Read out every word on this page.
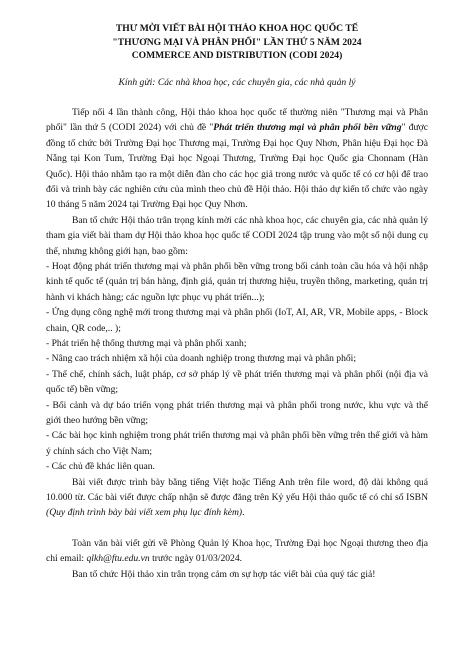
THƯ MỜI VIẾT BÀI HỘI THẢO KHOA HỌC QUỐC TẾ
"THƯƠNG MẠI VÀ PHÂN PHỐI" LẦN THỨ 5 NĂM 2024
COMMERCE AND DISTRIBUTION (CODI 2024)
Kính gửi: Các nhà khoa học, các chuyên gia, các nhà quản lý

Tiếp nối 4 lần thành công, Hội thảo khoa học quốc tế thường niên "Thương mại và Phân phối" lần thứ 5 (CODI 2024) với chủ đề "Phát triển thương mại và phân phối bền vững" được đồng tổ chức bởi Trường Đại học Thương mại, Trường Đại học Quy Nhơn, Phân hiệu Đại học Đà Nẵng tại Kon Tum, Trường Đại học Ngoại Thương, Trường Đại học Quốc gia Chonnam (Hàn Quốc). Hội thảo nhằm tạo ra một diễn đàn cho các học giả trong nước và quốc tế có cơ hội để trao đổi và trình bày các nghiên cứu của mình theo chủ đề Hội thảo. Hội thảo dự kiến tổ chức vào ngày 10 tháng 5 năm 2024 tại Trường Đại học Quy Nhơn.

Ban tổ chức Hội thảo trân trọng kính mời các nhà khoa học, các chuyên gia, các nhà quản lý tham gia viết bài tham dự Hội thảo khoa học quốc tế CODI 2024 tập trung vào một số nội dung cụ thể, nhưng không giới hạn, bao gồm:

- Hoạt động phát triển thương mại và phân phối bền vững trong bối cảnh toàn cầu hóa và hội nhập kinh tế quốc tế (quản trị bán hàng, định giá, quản trị thương hiệu, truyền thông, marketing, quản trị hành vi khách hàng; các nguồn lực phục vụ phát triển...);

- Ứng dụng công nghệ mới trong thương mại và phân phối (IoT, AI, AR, VR, Mobile apps, - Block chain, QR code,.. );

- Phát triển hệ thống thương mại và phân phối xanh;

- Nâng cao trách nhiệm xã hội của doanh nghiệp trong thương mại và phân phối;

- Thể chế, chính sách, luật pháp, cơ sở pháp lý về phát triển thương mại và phân phối (nội địa và quốc tế) bền vững;

- Bối cảnh và dự báo triển vọng phát triển thương mại và phân phối trong nước, khu vực và thế giới theo hướng bền vững;

- Các bài học kinh nghiệm trong phát triển thương mại và phân phối bền vững trên thế giới và hàm ý chính sách cho Việt Nam;

- Các chủ đề khác liên quan.

Bài viết được trình bày bằng tiếng Việt hoặc Tiếng Anh trên file word, độ dài không quá 10.000 từ. Các bài viết được chấp nhận sẽ được đăng trên Kỷ yếu Hội thảo quốc tế có chỉ số ISBN (Quy định trình bày bài viết xem phụ lục đính kèm).

Toàn văn bài viết gửi về Phòng Quản lý Khoa học, Trường Đại học Ngoại thương theo địa chỉ email: qlkh@ftu.edu.vn trước ngày 01/03/2024.

Ban tổ chức Hội thảo xin trân trọng cảm ơn sự hợp tác viết bài của quý tác giả!
